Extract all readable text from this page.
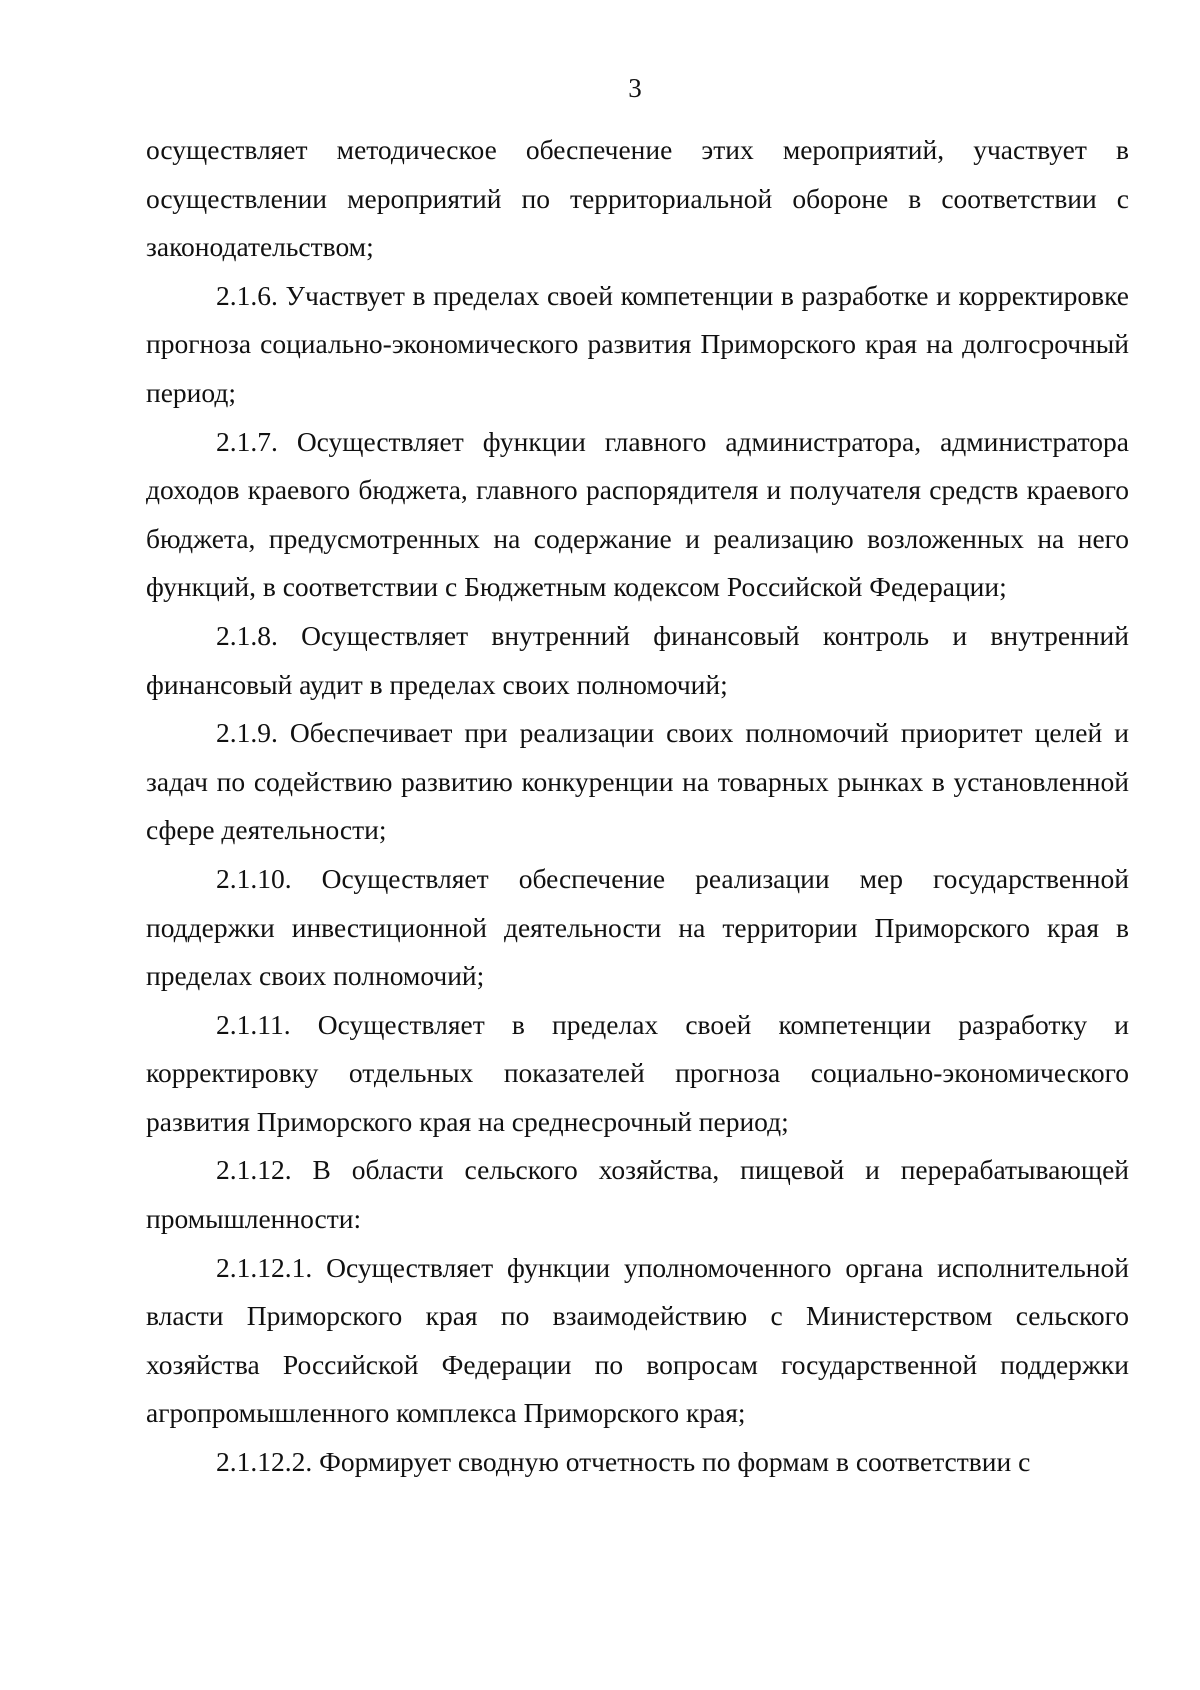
3

осуществляет методическое обеспечение этих мероприятий, участвует в осуществлении мероприятий по территориальной обороне в соответствии с законодательством;

2.1.6. Участвует в пределах своей компетенции в разработке и корректировке прогноза социально-экономического развития Приморского края на долгосрочный период;

2.1.7. Осуществляет функции главного администратора, администратора доходов краевого бюджета, главного распорядителя и получателя средств краевого бюджета, предусмотренных на содержание и реализацию возложенных на него функций, в соответствии с Бюджетным кодексом Российской Федерации;

2.1.8. Осуществляет внутренний финансовый контроль и внутренний финансовый аудит в пределах своих полномочий;

2.1.9. Обеспечивает при реализации своих полномочий приоритет целей и задач по содействию развитию конкуренции на товарных рынках в установленной сфере деятельности;

2.1.10. Осуществляет обеспечение реализации мер государственной поддержки инвестиционной деятельности на территории Приморского края в пределах своих полномочий;

2.1.11. Осуществляет в пределах своей компетенции разработку и корректировку отдельных показателей прогноза социально-экономического развития Приморского края на среднесрочный период;

2.1.12. В области сельского хозяйства, пищевой и перерабатывающей промышленности:

2.1.12.1. Осуществляет функции уполномоченного органа исполнительной власти Приморского края по взаимодействию с Министерством сельского хозяйства Российской Федерации по вопросам государственной поддержки агропромышленного комплекса Приморского края;

2.1.12.2. Формирует сводную отчетность по формам в соответствии с
